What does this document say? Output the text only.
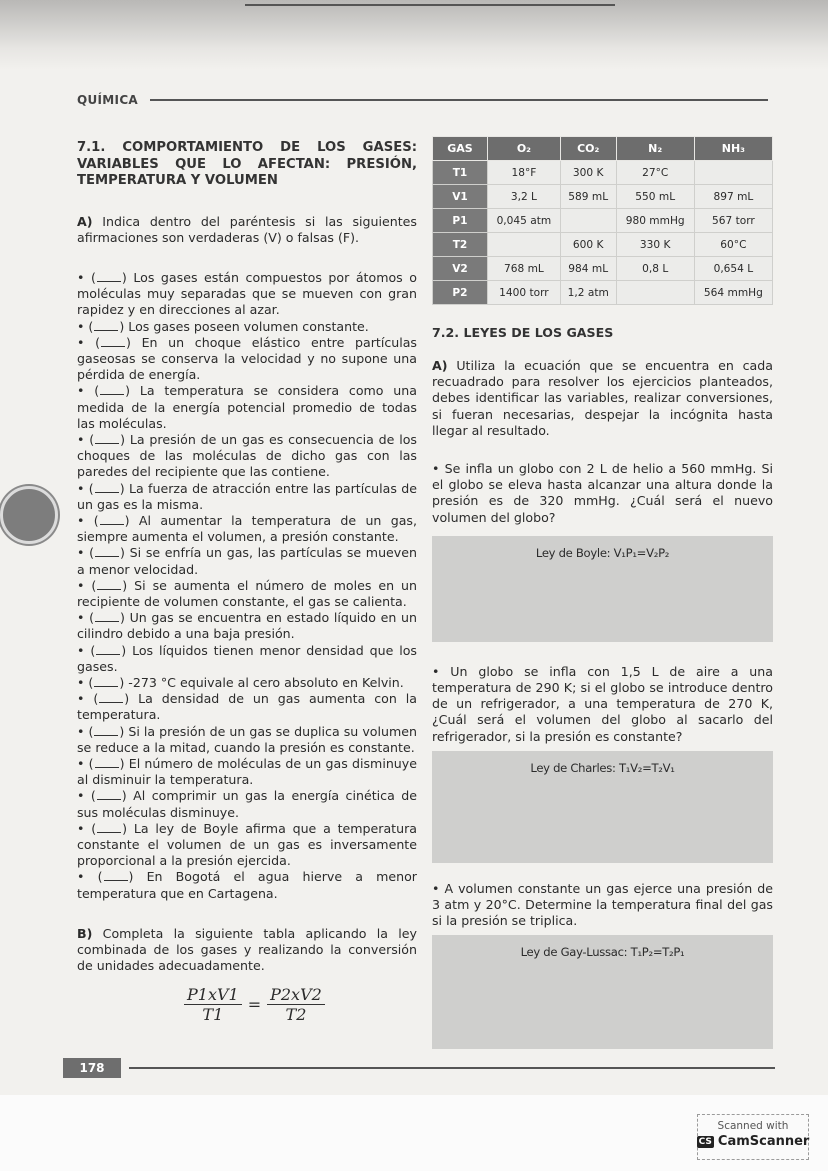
QUÍMICA
7.1. COMPORTAMIENTO DE LOS GASES: VARIABLES QUE LO AFECTAN: PRESIÓN, TEMPERATURA Y VOLUMEN
A) Indica dentro del paréntesis si las siguientes afirmaciones son verdaderas (V) o falsas (F).
• ( ) Los gases están compuestos por átomos o moléculas muy separadas que se mueven con gran rapidez y en direcciones al azar.
• ( ) Los gases poseen volumen constante.
• ( ) En un choque elástico entre partículas gaseosas se conserva la velocidad y no supone una pérdida de energía.
• ( ) La temperatura se considera como una medida de la energía potencial promedio de todas las moléculas.
• ( ) La presión de un gas es consecuencia de los choques de las moléculas de dicho gas con las paredes del recipiente que las contiene.
• ( ) La fuerza de atracción entre las partículas de un gas es la misma.
• ( ) Al aumentar la temperatura de un gas, siempre aumenta el volumen, a presión constante.
• ( ) Si se enfría un gas, las partículas se mueven a menor velocidad.
• ( ) Si se aumenta el número de moles en un recipiente de volumen constante, el gas se calienta.
• ( ) Un gas se encuentra en estado líquido en un cilindro debido a una baja presión.
• ( ) Los líquidos tienen menor densidad que los gases.
• ( ) -273 °C equivale al cero absoluto en Kelvin.
• ( ) La densidad de un gas aumenta con la temperatura.
• ( ) Si la presión de un gas se duplica su volumen se reduce a la mitad, cuando la presión es constante.
• ( ) El número de moléculas de un gas disminuye al disminuir la temperatura.
• ( ) Al comprimir un gas la energía cinética de sus moléculas disminuye.
• ( ) La ley de Boyle afirma que a temperatura constante el volumen de un gas es inversamente proporcional a la presión ejercida.
• ( ) En Bogotá el agua hierve a menor temperatura que en Cartagena.
B) Completa la siguiente tabla aplicando la ley combinada de los gases y realizando la conversión de unidades adecuadamente.
$\frac{P1xV1}{T1} = \frac{P2xV2}{T2}$
GAS	O₂	CO₂	N₂	NH₃
T1	18°F	300 K	27°C	
V1	3,2 L	589 mL	550 mL	897 mL
P1	0,045 atm		980 mmHg	567 torr
T2		600 K	330 K	60°C
V2	768 mL	984 mL	0,8 L	0,654 L
P2	1400 torr	1,2 atm		564 mmHg
7.2. LEYES DE LOS GASES
A) Utiliza la ecuación que se encuentra en cada recuadrado para resolver los ejercicios planteados, debes identificar las variables, realizar conversiones, si fueran necesarias, despejar la incógnita hasta llegar al resultado.
• Se infla un globo con 2 L de helio a 560 mmHg. Si el globo se eleva hasta alcanzar una altura donde la presión es de 320 mmHg. ¿Cuál será el nuevo volumen del globo?
Ley de Boyle: V₁P₁=V₂P₂
• Un globo se infla con 1,5 L de aire a una temperatura de 290 K; si el globo se introduce dentro de un refrigerador, a una temperatura de 270 K, ¿Cuál será el volumen del globo al sacarlo del refrigerador, si la presión es constante?
Ley de Charles: T₁V₂=T₂V₁
• A volumen constante un gas ejerce una presión de 3 atm y 20°C. Determine la temperatura final del gas si la presión se triplica.
Ley de Gay-Lussac: T₁P₂=T₂P₁
178
Scanned with
CS CamScanner
